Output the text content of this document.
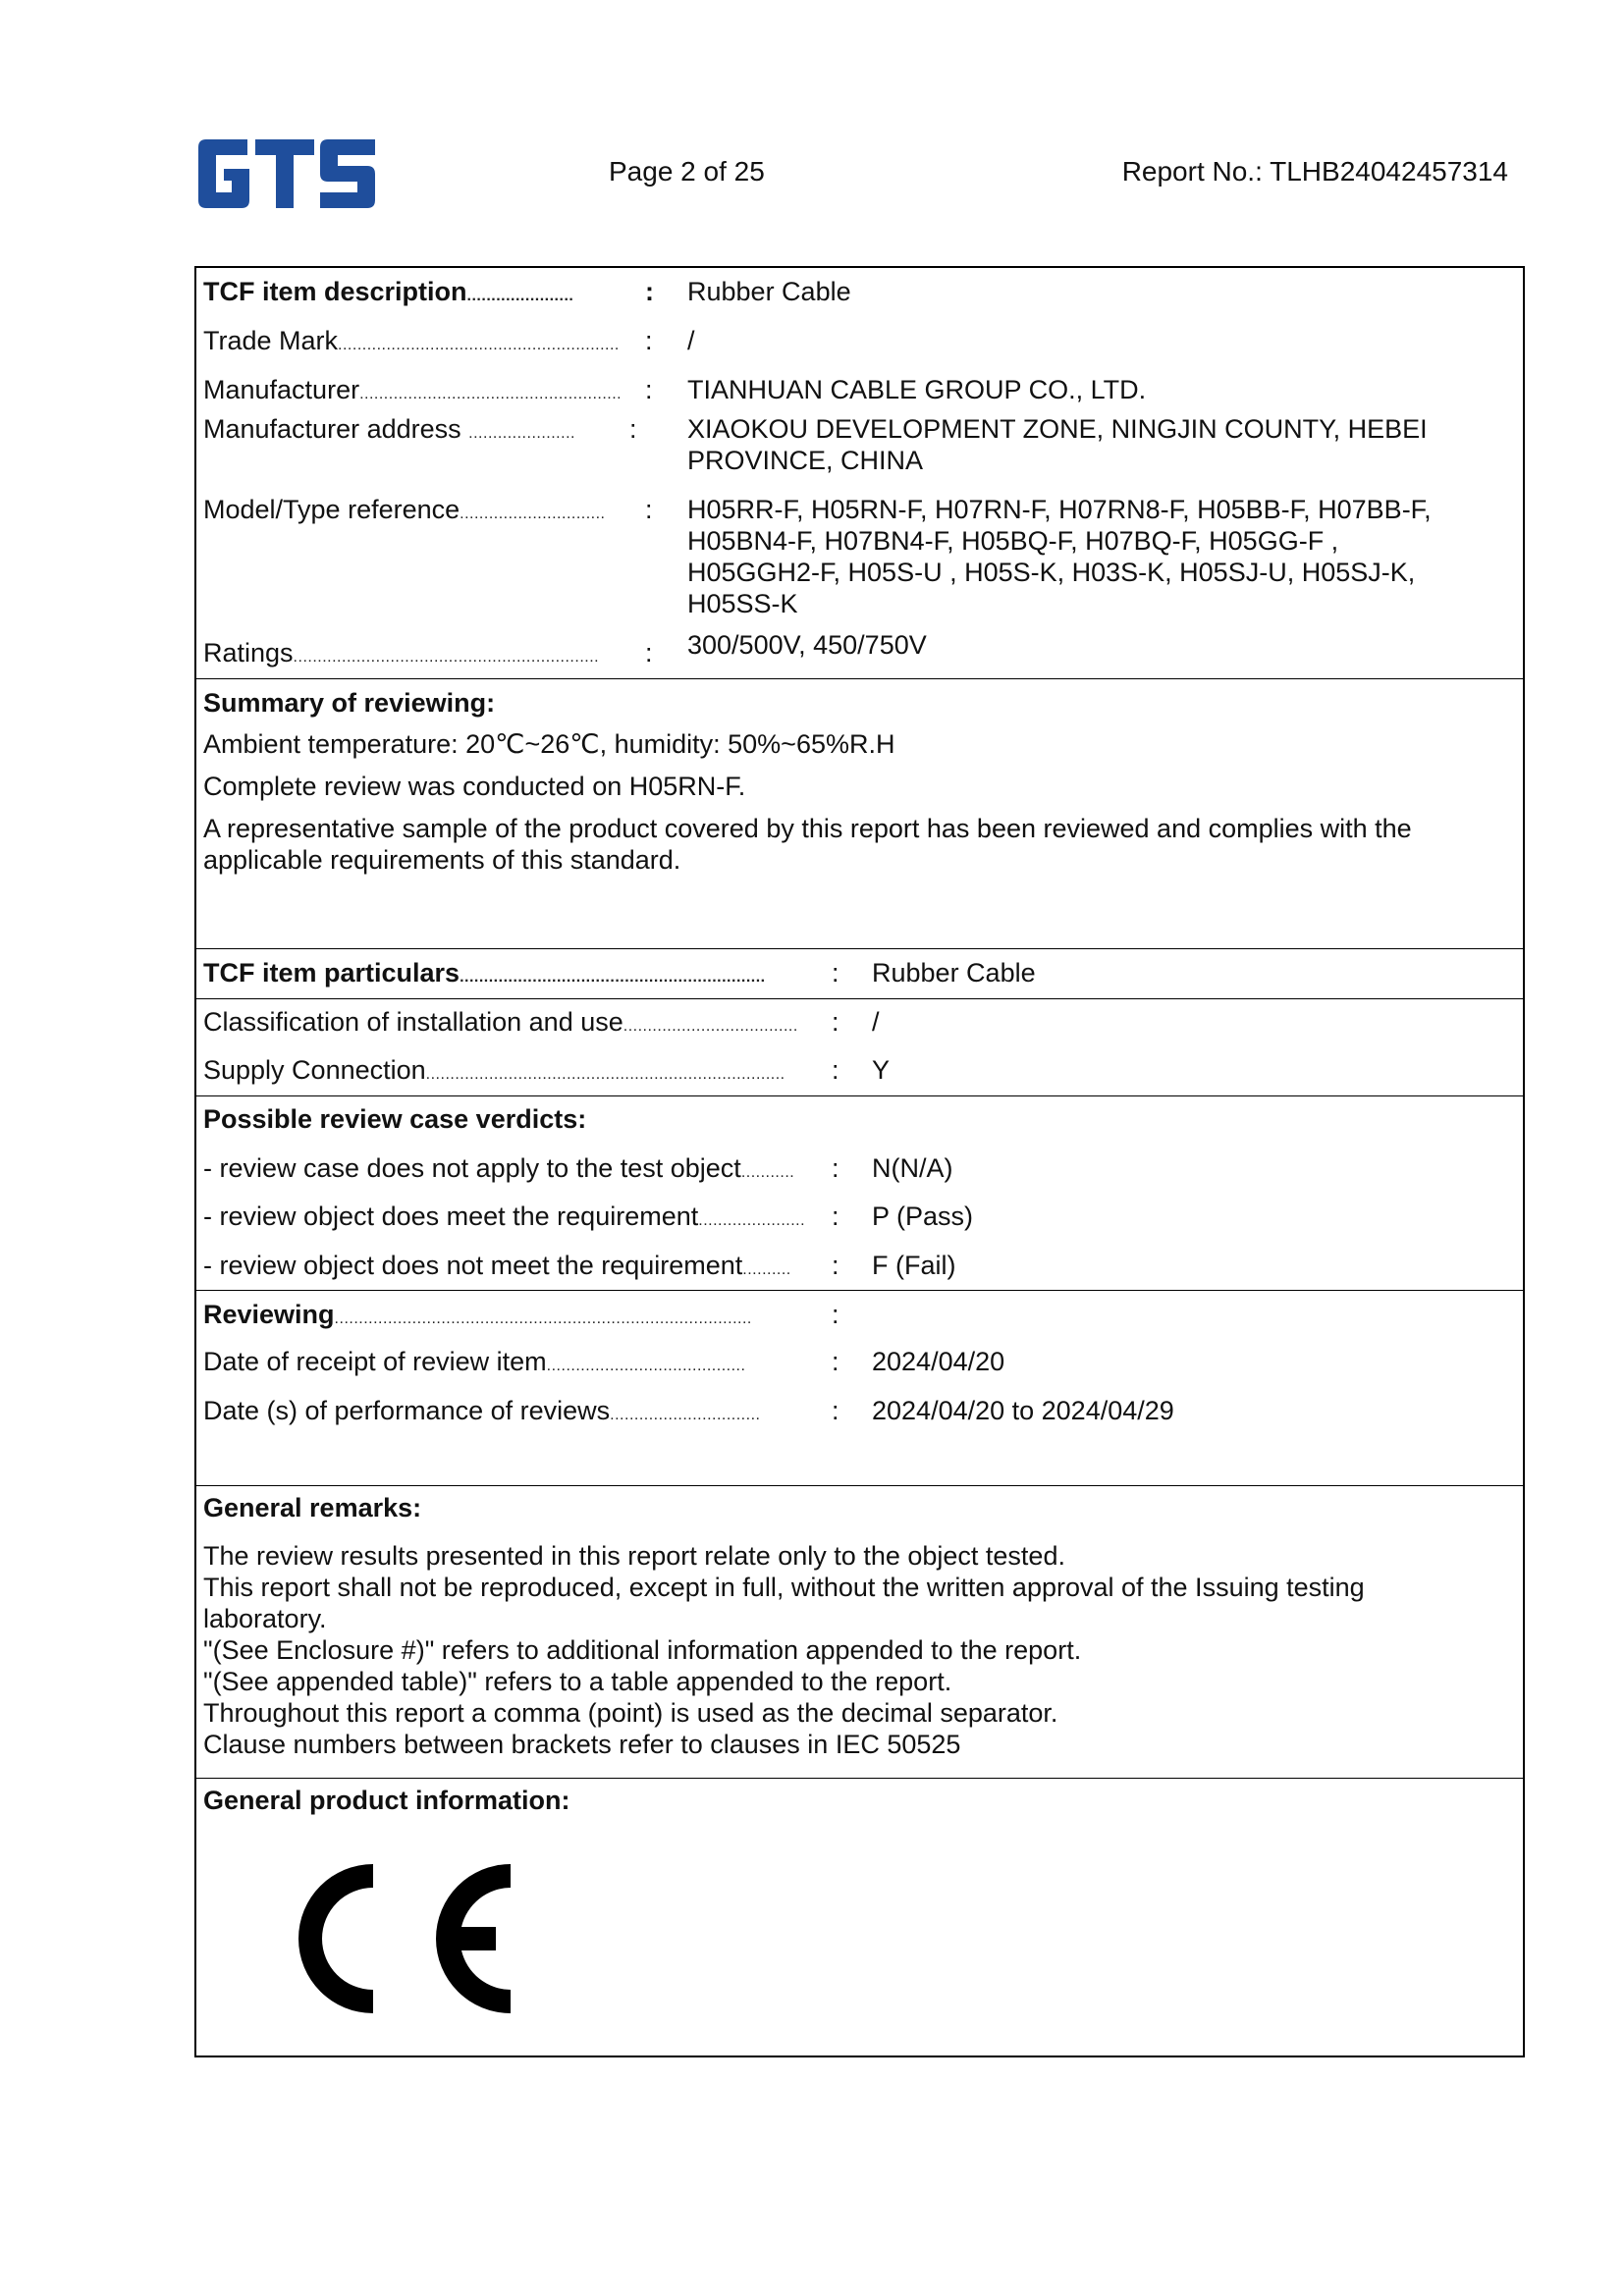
Page 2 of 25	Report No.: TLHB24042457314
TCF item description......................	: Rubber Cable
Trade Mark.......................................................... : /
Manufacturer...................................................... : TIANHUAN CABLE GROUP CO., LTD.
Manufacturer address ......................	: XIAOKOU DEVELOPMENT ZONE, NINGJIN COUNTY, HEBEI
PROVINCE, CHINA
Model/Type reference..............................	: H05RR-F, H05RN-F, H07RN-F, H07RN8-F, H05BB-F, H07BB-F,
H05BN4-F, H07BN4-F, H05BQ-F, H07BQ-F, H05GG-F ,
H05GGH2-F, H05S-U , H05S-K, H03S-K, H05SJ-U, H05SJ-K,
H05SS-K
Ratings...............................................................	: 300/500V, 450/750V
Summary of reviewing:
Ambient temperature: 20℃~26℃, humidity: 50%~65%R.H
Complete review was conducted on H05RN-F.
A representative sample of the product covered by this report has been reviewed and complies with the
applicable requirements of this standard.
TCF item particulars...............................................................	: Rubber Cable
Classification of installation and use....................................	: /
Supply Connection..........................................................................	: Y
Possible review case verdicts:
- review case does not apply to the test object...........	: N(N/A)
- review object does meet the requirement...................... : P (Pass)
- review object does not meet the requirement..........	: F (Fail)
Reviewing......................................................................................	:
Date of receipt of review item.........................................	: 2024/04/20
Date (s) of performance of reviews...............................	: 2024/04/20 to 2024/04/29
General remarks:
The review results presented in this report relate only to the object tested.
This report shall not be reproduced, except in full, without the written approval of the Issuing testing
laboratory.
"(See Enclosure #)" refers to additional information appended to the report.
"(See appended table)" refers to a table appended to the report.
Throughout this report a comma (point) is used as the decimal separator.
Clause numbers between brackets refer to clauses in IEC 50525
General product information:
